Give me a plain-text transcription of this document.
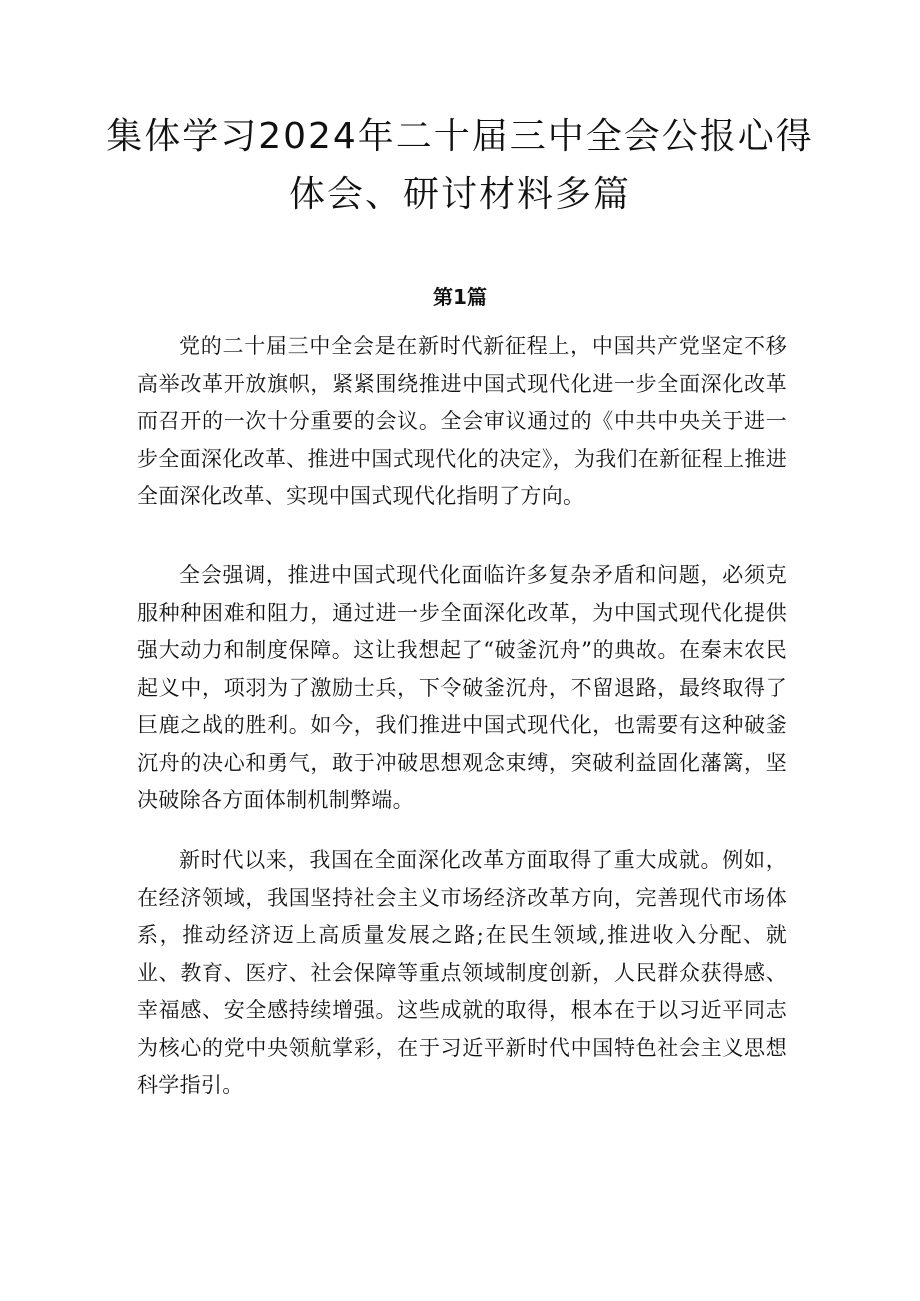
集体学习2024年二十届三中全会公报心得
体会、研讨材料多篇
第1篇

党的二十届三中全会是在新时代新征程上，中国共产党坚定不移高举改革开放旗帜，紧紧围绕推进中国式现代化进一步全面深化改革而召开的一次十分重要的会议。全会审议通过的《中共中央关于进一步全面深化改革、推进中国式现代化的决定》，为我们在新征程上推进全面深化改革、实现中国式现代化指明了方向。

全会强调，推进中国式现代化面临许多复杂矛盾和问题，必须克服种种困难和阻力，通过进一步全面深化改革，为中国式现代化提供强大动力和制度保障。这让我想起了“破釜沉舟”的典故。在秦末农民起义中，项羽为了激励士兵，下令破釜沉舟，不留退路，最终取得了巨鹿之战的胜利。如今，我们推进中国式现代化，也需要有这种破釜沉舟的决心和勇气，敢于冲破思想观念束缚，突破利益固化藩篱，坚决破除各方面体制机制弊端。

新时代以来，我国在全面深化改革方面取得了重大成就。例如，在经济领域，我国坚持社会主义市场经济改革方向，完善现代市场体系，推动经济迈上高质量发展之路;在民生领域,推进收入分配、就业、教育、医疗、社会保障等重点领域制度创新，人民群众获得感、幸福感、安全感持续增强。这些成就的取得，根本在于以习近平同志为核心的党中央领航掌彩，在于习近平新时代中国特色社会主义思想科学指引。
